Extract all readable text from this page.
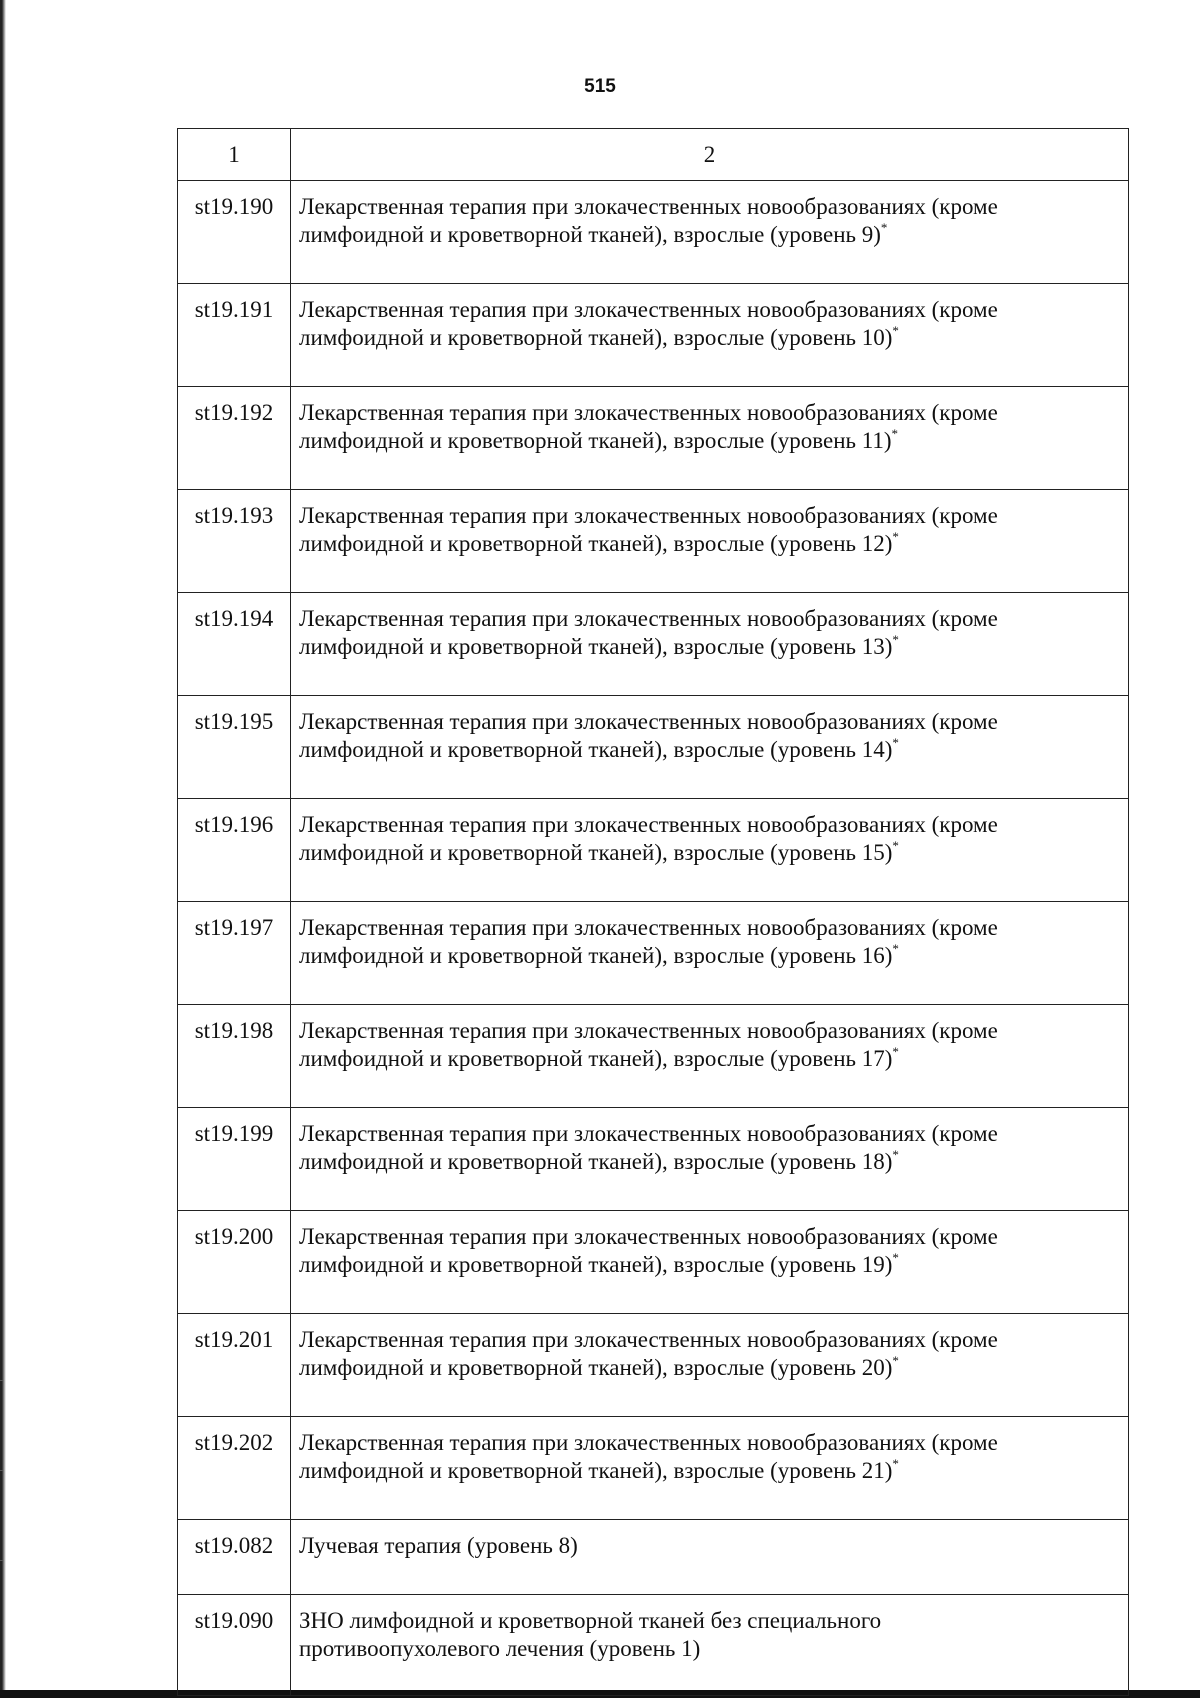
515
1	2
st19.190	Лекарственная терапия при злокачественных новообразованиях (кроме
лимфоидной и кроветворной тканей), взрослые (уровень 9)*
st19.191	Лекарственная терапия при злокачественных новообразованиях (кроме
лимфоидной и кроветворной тканей), взрослые (уровень 10)*
st19.192	Лекарственная терапия при злокачественных новообразованиях (кроме
лимфоидной и кроветворной тканей), взрослые (уровень 11)*
st19.193	Лекарственная терапия при злокачественных новообразованиях (кроме
лимфоидной и кроветворной тканей), взрослые (уровень 12)*
st19.194	Лекарственная терапия при злокачественных новообразованиях (кроме
лимфоидной и кроветворной тканей), взрослые (уровень 13)*
st19.195	Лекарственная терапия при злокачественных новообразованиях (кроме
лимфоидной и кроветворной тканей), взрослые (уровень 14)*
st19.196	Лекарственная терапия при злокачественных новообразованиях (кроме
лимфоидной и кроветворной тканей), взрослые (уровень 15)*
st19.197	Лекарственная терапия при злокачественных новообразованиях (кроме
лимфоидной и кроветворной тканей), взрослые (уровень 16)*
st19.198	Лекарственная терапия при злокачественных новообразованиях (кроме
лимфоидной и кроветворной тканей), взрослые (уровень 17)*
st19.199	Лекарственная терапия при злокачественных новообразованиях (кроме
лимфоидной и кроветворной тканей), взрослые (уровень 18)*
st19.200	Лекарственная терапия при злокачественных новообразованиях (кроме
лимфоидной и кроветворной тканей), взрослые (уровень 19)*
st19.201	Лекарственная терапия при злокачественных новообразованиях (кроме
лимфоидной и кроветворной тканей), взрослые (уровень 20)*
st19.202	Лекарственная терапия при злокачественных новообразованиях (кроме
лимфоидной и кроветворной тканей), взрослые (уровень 21)*
st19.082	Лучевая терапия (уровень 8)
st19.090	ЗНО лимфоидной и кроветворной тканей без специального
противоопухолевого лечения (уровень 1)
